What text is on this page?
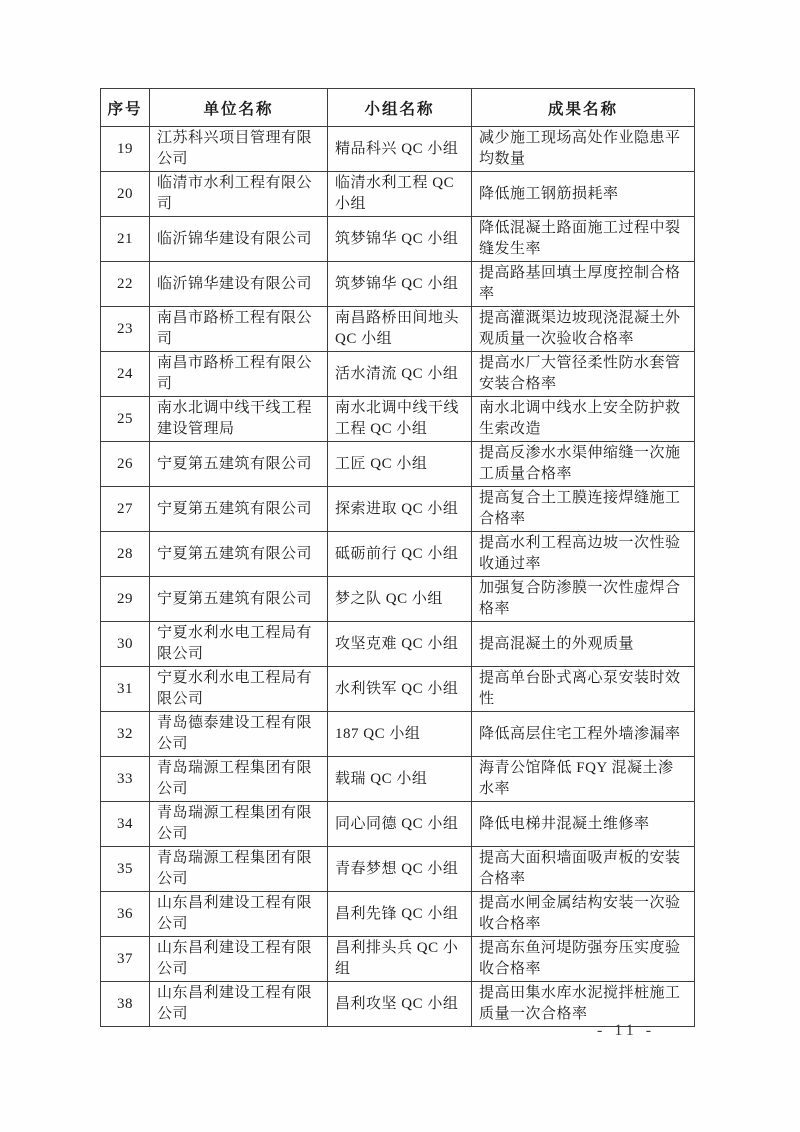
序号	单位名称	小组名称	成果名称
19	江苏科兴项目管理有限公司	精品科兴 QC 小组	减少施工现场高处作业隐患平均数量
20	临清市水利工程有限公司	临清水利工程 QC 小组	降低施工钢筋损耗率
21	临沂锦华建设有限公司	筑梦锦华 QC 小组	降低混凝土路面施工过程中裂缝发生率
22	临沂锦华建设有限公司	筑梦锦华 QC 小组	提高路基回填土厚度控制合格率
23	南昌市路桥工程有限公司	南昌路桥田间地头 QC 小组	提高灌溉渠边坡现浇混凝土外观质量一次验收合格率
24	南昌市路桥工程有限公司	活水清流 QC 小组	提高水厂大管径柔性防水套管安装合格率
25	南水北调中线干线工程建设管理局	南水北调中线干线工程 QC 小组	南水北调中线水上安全防护救生索改造
26	宁夏第五建筑有限公司	工匠 QC 小组	提高反渗水水渠伸缩缝一次施工质量合格率
27	宁夏第五建筑有限公司	探索进取 QC 小组	提高复合土工膜连接焊缝施工合格率
28	宁夏第五建筑有限公司	砥砺前行 QC 小组	提高水利工程高边坡一次性验收通过率
29	宁夏第五建筑有限公司	梦之队 QC 小组	加强复合防渗膜一次性虚焊合格率
30	宁夏水利水电工程局有限公司	攻坚克难 QC 小组	提高混凝土的外观质量
31	宁夏水利水电工程局有限公司	水利铁军 QC 小组	提高单台卧式离心泵安装时效性
32	青岛德泰建设工程有限公司	187 QC 小组	降低高层住宅工程外墙渗漏率
33	青岛瑞源工程集团有限公司	载瑞 QC 小组	海青公馆降低 FQY 混凝土渗水率
34	青岛瑞源工程集团有限公司	同心同德 QC 小组	降低电梯井混凝土维修率
35	青岛瑞源工程集团有限公司	青春梦想 QC 小组	提高大面积墙面吸声板的安装合格率
36	山东昌利建设工程有限公司	昌利先锋 QC 小组	提高水闸金属结构安装一次验收合格率
37	山东昌利建设工程有限公司	昌利排头兵 QC 小组	提高东鱼河堤防强夯压实度验收合格率
38	山东昌利建设工程有限公司	昌利攻坚 QC 小组	提高田集水库水泥搅拌桩施工质量一次合格率
- 11 -
